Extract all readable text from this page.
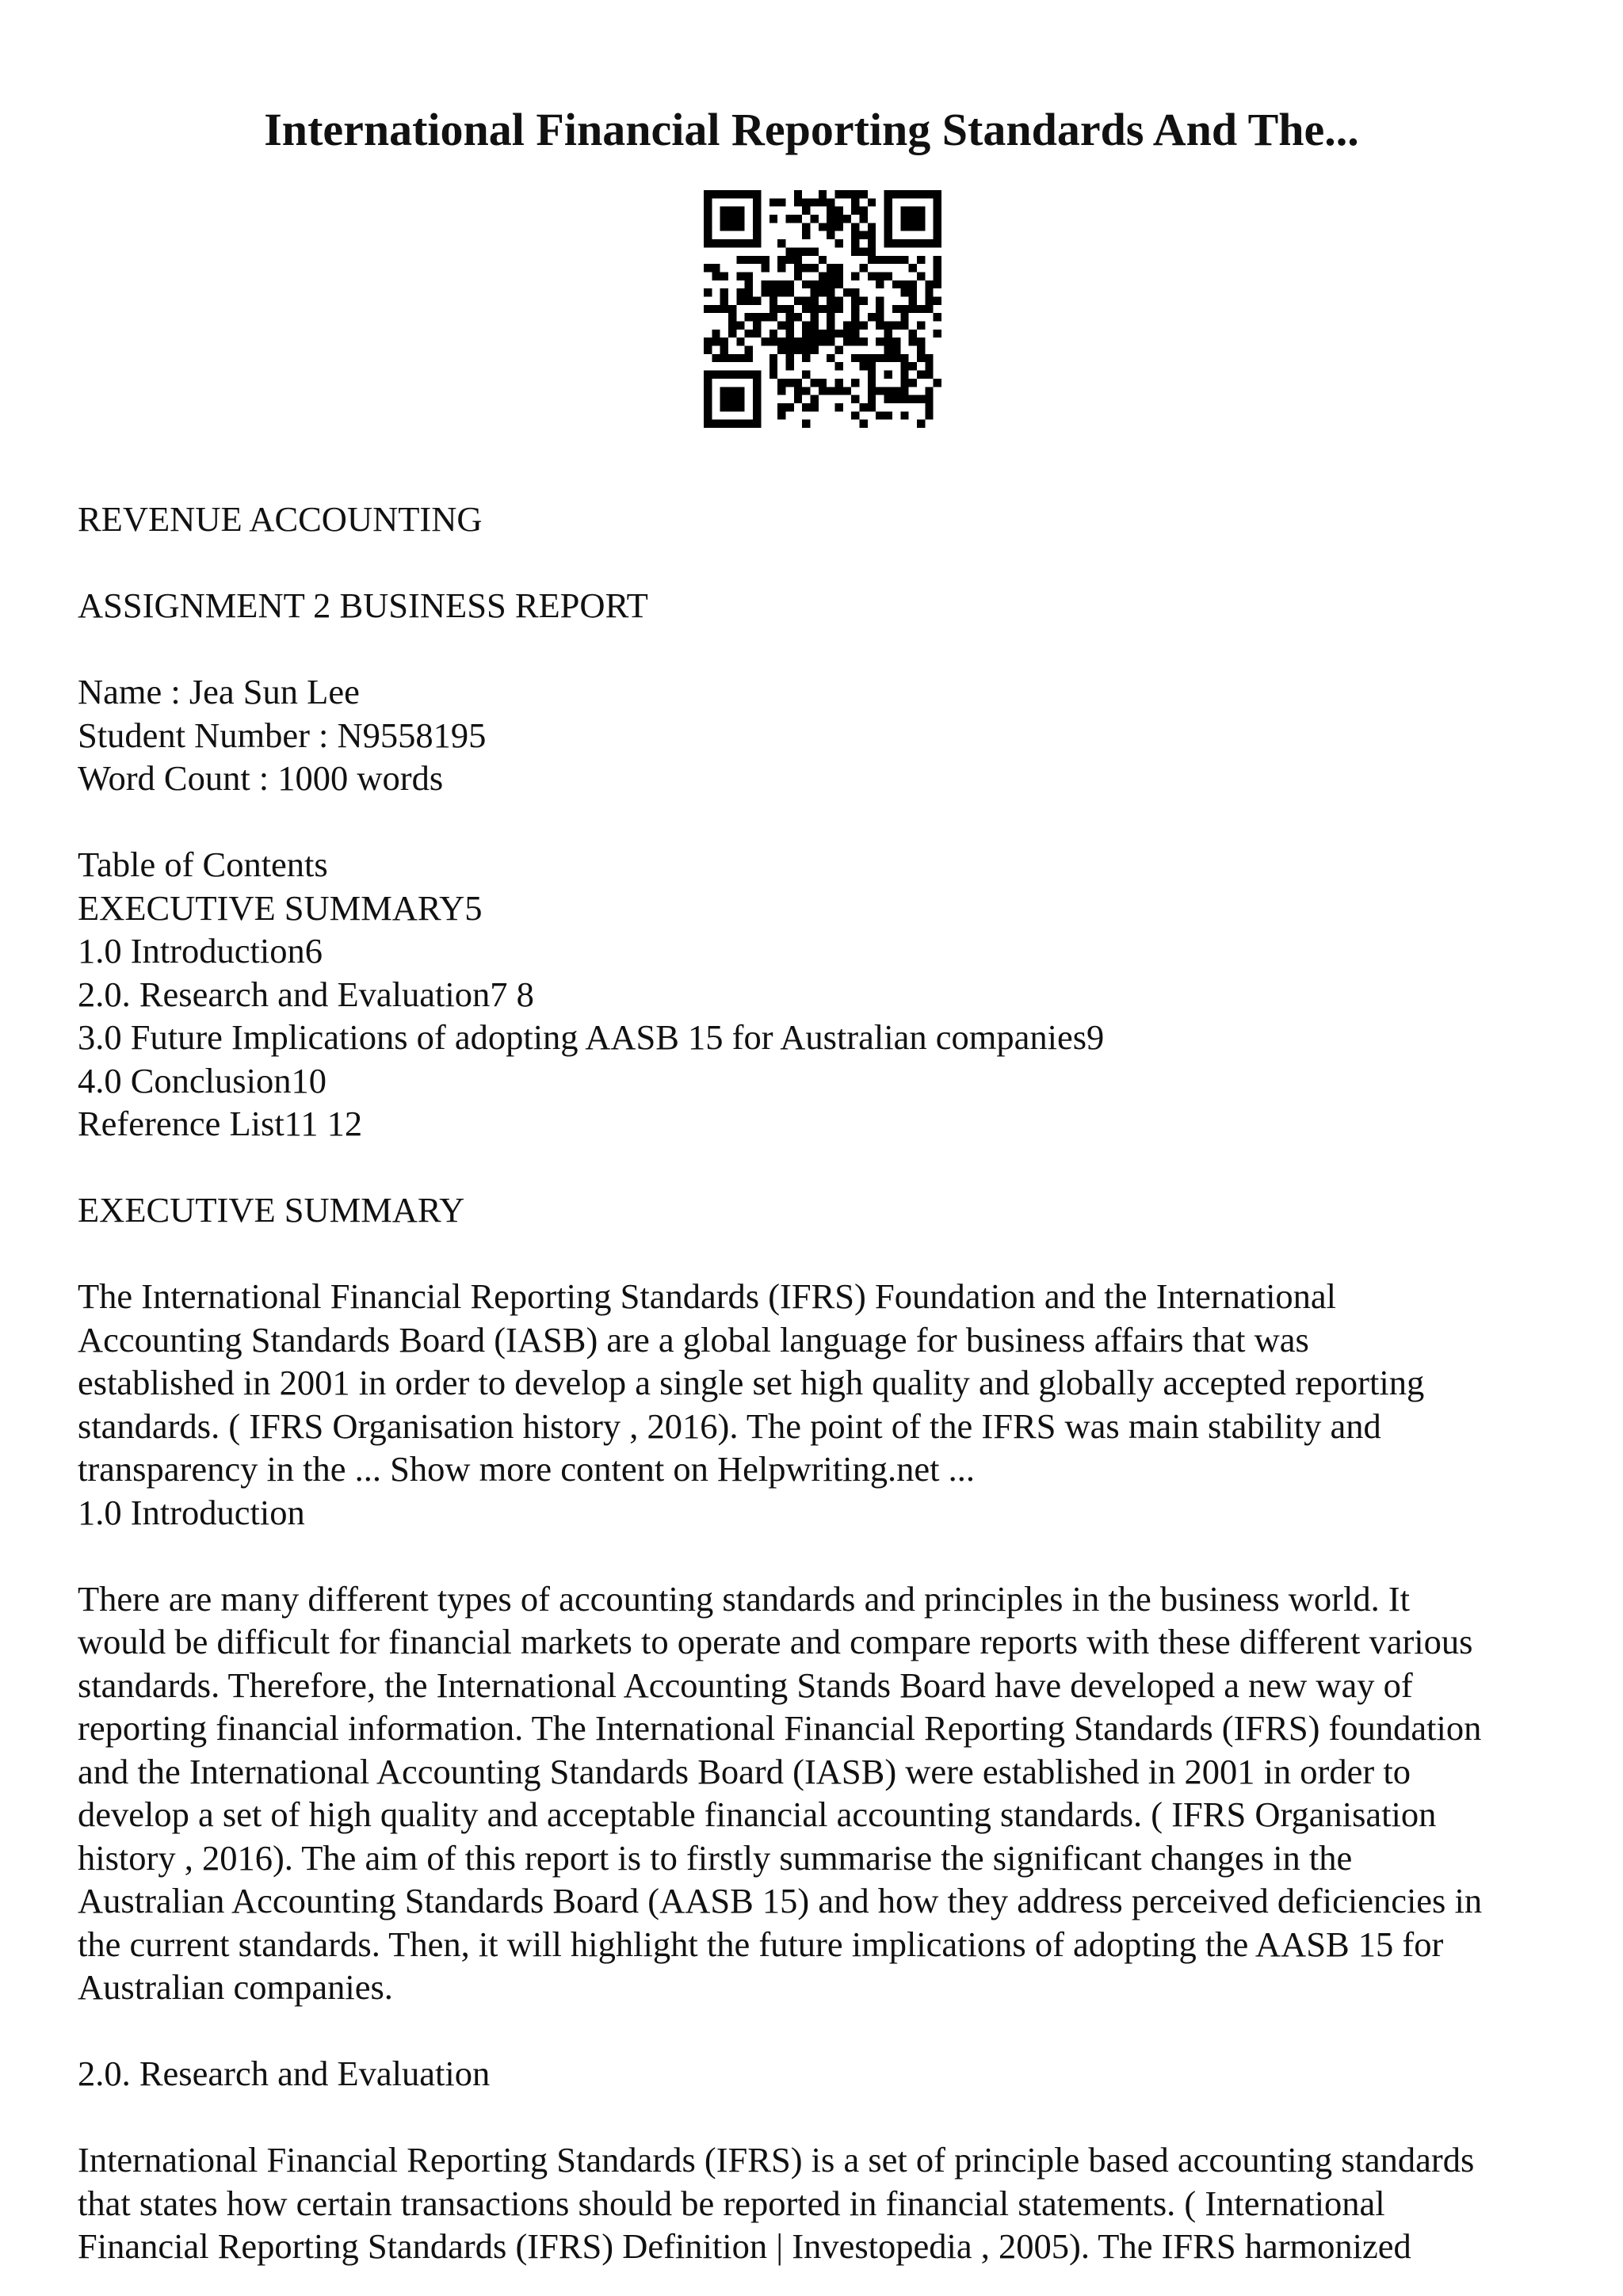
International Financial Reporting Standards And The...
REVENUE ACCOUNTING
ASSIGNMENT 2 BUSINESS REPORT
Name : Jea Sun Lee
Student Number : N9558195
Word Count : 1000 words
Table of Contents
EXECUTIVE SUMMARY5
1.0 Introduction6
2.0. Research and Evaluation7 8
3.0 Future Implications of adopting AASB 15 for Australian companies9
4.0 Conclusion10
Reference List11 12
EXECUTIVE SUMMARY
The International Financial Reporting Standards (IFRS) Foundation and the International
Accounting Standards Board (IASB) are a global language for business affairs that was
established in 2001 in order to develop a single set high quality and globally accepted reporting
standards. ( IFRS Organisation history , 2016). The point of the IFRS was main stability and
transparency in the ... Show more content on Helpwriting.net ...
1.0 Introduction
There are many different types of accounting standards and principles in the business world. It
would be difficult for financial markets to operate and compare reports with these different various
standards. Therefore, the International Accounting Stands Board have developed a new way of
reporting financial information. The International Financial Reporting Standards (IFRS) foundation
and the International Accounting Standards Board (IASB) were established in 2001 in order to
develop a set of high quality and acceptable financial accounting standards. ( IFRS Organisation
history , 2016). The aim of this report is to firstly summarise the significant changes in the
Australian Accounting Standards Board (AASB 15) and how they address perceived deficiencies in
the current standards. Then, it will highlight the future implications of adopting the AASB 15 for
Australian companies.
2.0. Research and Evaluation
International Financial Reporting Standards (IFRS) is a set of principle based accounting standards
that states how certain transactions should be reported in financial statements. ( International
Financial Reporting Standards (IFRS) Definition | Investopedia , 2005). The IFRS harmonized
